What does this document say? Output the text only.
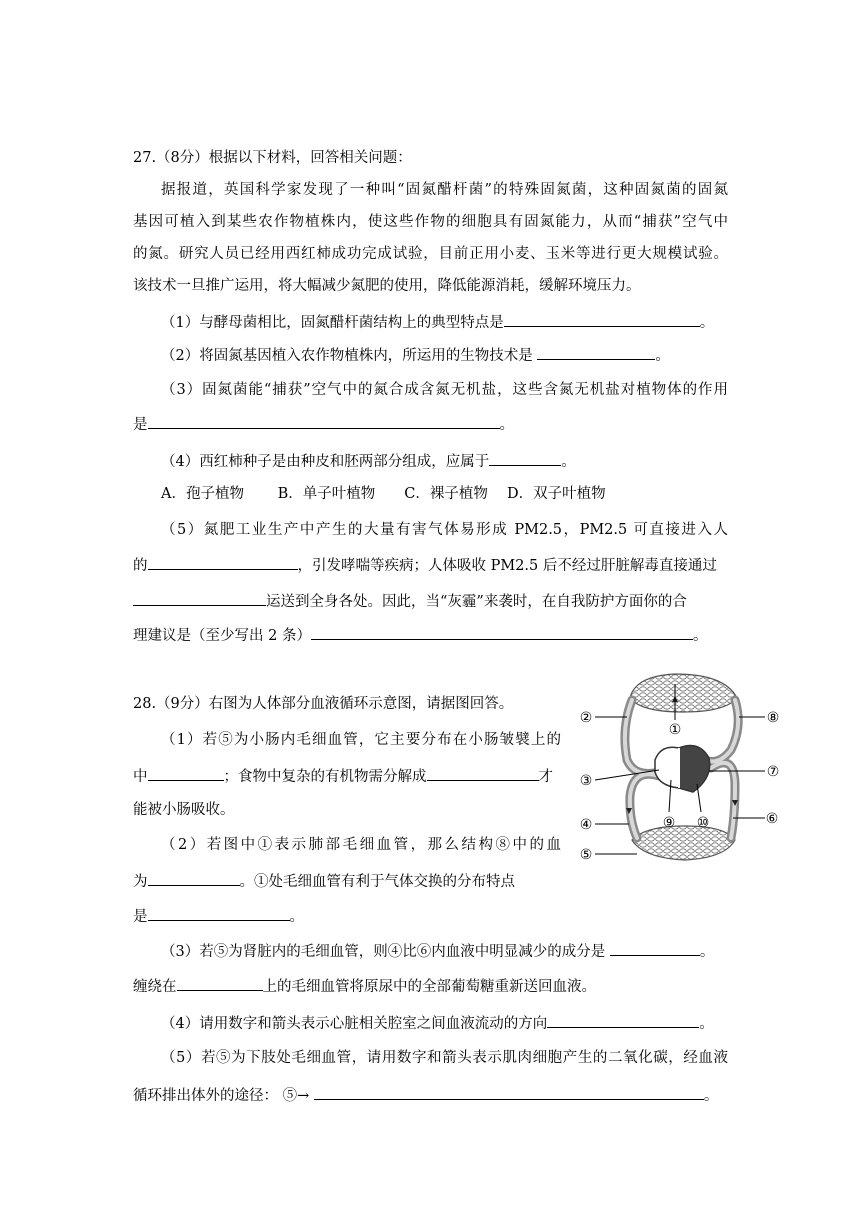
27.（8分）根据以下材料，回答相关问题：
据报道，英国科学家发现了一种叫“固氮醋杆菌”的特殊固氮菌，这种固氮菌的固氮
基因可植入到某些农作物植株内，使这些作物的细胞具有固氮能力，从而“捕获”空气中
的氮。研究人员已经用西红柿成功完成试验，目前正用小麦、玉米等进行更大规模试验。
该技术一旦推广运用，将大幅减少氮肥的使用，降低能源消耗，缓解环境压力。
（1）与酵母菌相比，固氮醋杆菌结构上的典型特点是	。
（2）将固氮基因植入农作物植株内，所运用的生物技术是	。
（3）固氮菌能“捕获”空气中的氮合成含氮无机盐，这些含氮无机盐对植物体的作用
是	。
（4）西红柿种子是由种皮和胚两部分组成，应属于	。
A．孢子植物　　 B．单子叶植物　　C．裸子植物　 D．双子叶植物
（5）氮肥工业生产中产生的大量有害气体易形成 PM2.5，PM2.5 可直接进入人
的	，引发哮喘等疾病；人体吸收 PM2.5 后不经过肝脏解毒直接通过
运送到全身各处。因此，当“灰霾”来袭时，在自我防护方面你的合
理建议是（至少写出 2 条）	。
28.（9分）右图为人体部分血液循环示意图，请据图回答。
（1）若⑤为小肠内毛细血管，它主要分布在小肠皱襞上的
中	；食物中复杂的有机物需分解成	才
能被小肠吸收。
（2）若图中①表示肺部毛细血管，那么结构⑧中的血
为	。①处毛细血管有利于气体交换的分布特点
是	。
（3）若⑤为肾脏内的毛细血管，则④比⑥内血液中明显减少的成分是	。
缠绕在	上的毛细血管将原尿中的全部葡萄糖重新送回血液。
（4）请用数字和箭头表示心脏相关腔室之间血液流动的方向	。
（5）若⑤为下肢处毛细血管，请用数字和箭头表示肌肉细胞产生的二氧化碳，经血液
循环排出体外的途径： ⑤→	。
①
②
③
④
⑤
⑥
⑦
⑧
⑨ ⑩
